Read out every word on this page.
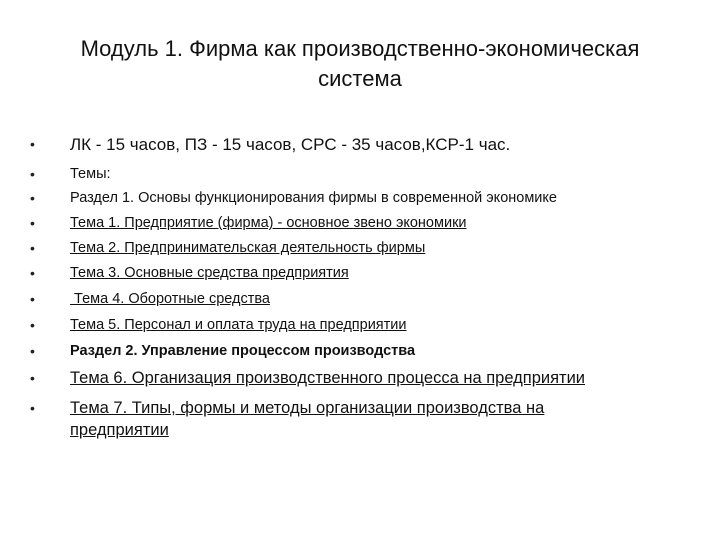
Модуль 1. Фирма как производственно-экономическая
система
•	ЛК - 15 часов, ПЗ - 15 часов, СРС - 35 часов,КСР-1 час.
•	Темы:
•	Раздел 1. Основы функционирования фирмы в современной экономике
•	Тема 1. Предприятие (фирма) - основное звено экономики
•	Тема 2. Предпринимательская деятельность фирмы
•	Тема 3. Основные средства предприятия
•	Тема 4. Оборотные средства
•	Тема 5. Персонал и оплата труда на предприятии
•	Раздел 2. Управление процессом производства
•	Тема 6. Организация производственного процесса на предприятии
•	Тема 7. Типы, формы и методы организации производства на предприятии
